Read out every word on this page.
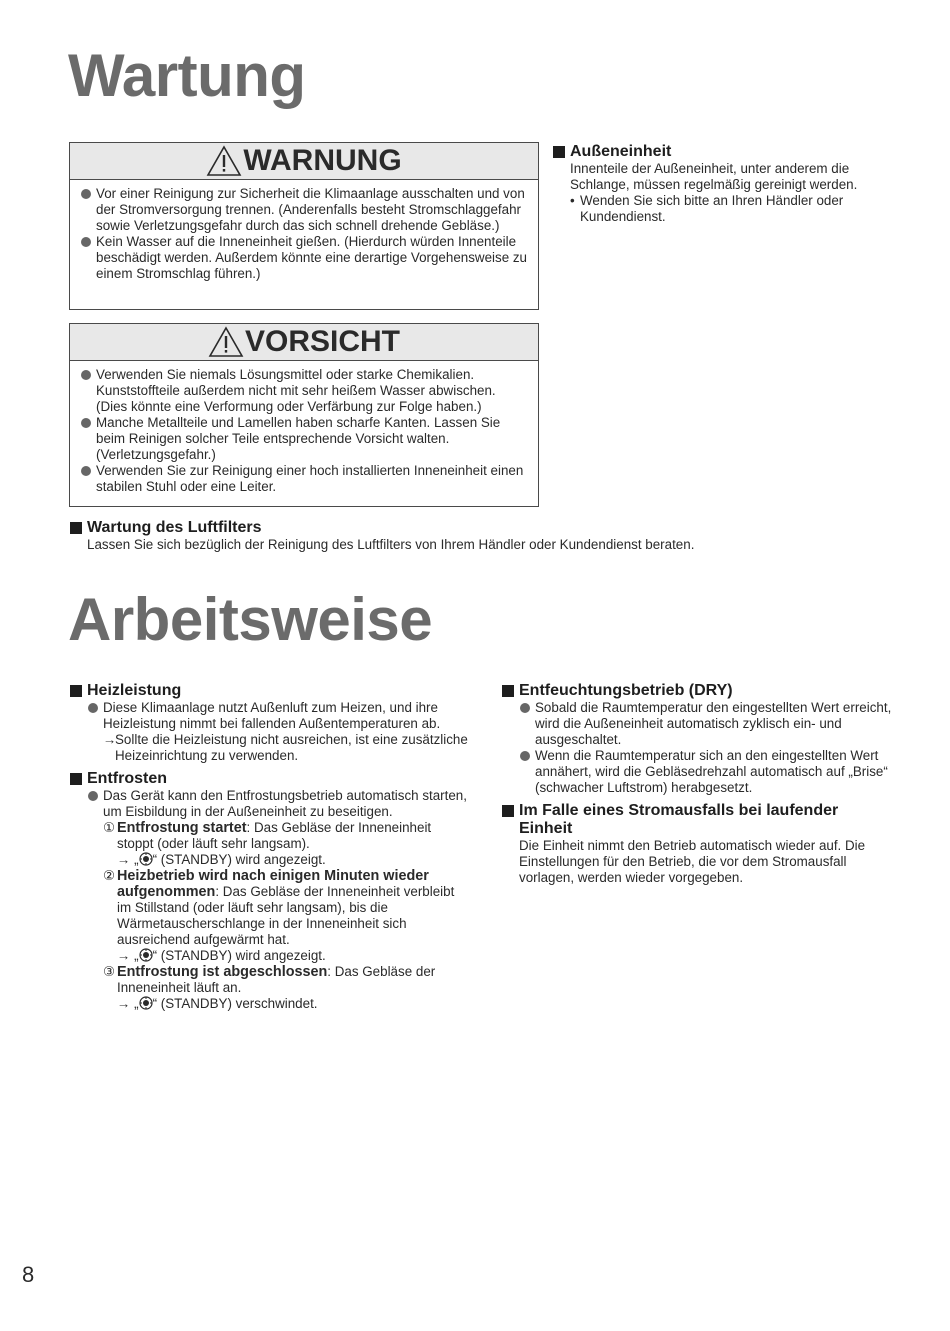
Wartung
WARNUNG
Vor einer Reinigung zur Sicherheit die Klimaanlage ausschalten und von der Stromversorgung trennen. (Anderenfalls besteht Stromschlaggefahr sowie Verletzungsgefahr durch das sich schnell drehende Gebläse.)
Kein Wasser auf die Inneneinheit gießen. (Hierdurch würden Innenteile beschädigt werden. Außerdem könnte eine derartige Vorgehensweise zu einem Stromschlag führen.)
VORSICHT
Verwenden Sie niemals Lösungsmittel oder starke Chemikalien. Kunststoffteile außerdem nicht mit sehr heißem Wasser abwischen. (Dies könnte eine Verformung oder Verfärbung zur Folge haben.)
Manche Metallteile und Lamellen haben scharfe Kanten. Lassen Sie beim Reinigen solcher Teile entsprechende Vorsicht walten. (Verletzungsgefahr.)
Verwenden Sie zur Reinigung einer hoch installierten Inneneinheit einen stabilen Stuhl oder eine Leiter.
Außeneinheit
Innenteile der Außeneinheit, unter anderem die Schlange, müssen regelmäßig gereinigt werden.
• Wenden Sie sich bitte an Ihren Händler oder Kundendienst.
Wartung des Luftfilters
Lassen Sie sich bezüglich der Reinigung des Luftfilters von Ihrem Händler oder Kundendienst beraten.
Arbeitsweise
Heizleistung
Diese Klimaanlage nutzt Außenluft zum Heizen, und ihre Heizleistung nimmt bei fallenden Außentemperaturen ab.
→
Sollte die Heizleistung nicht ausreichen, ist eine zusätzliche Heizeinrichtung zu verwenden.
Entfrosten
Das Gerät kann den Entfrostungsbetrieb automatisch starten, um Eisbildung in der Außeneinheit zu beseitigen.
① Entfrostung startet: Das Gebläse der Inneneinheit stoppt (oder läuft sehr langsam).
→ „ “ (STANDBY) wird angezeigt.
② Heizbetrieb wird nach einigen Minuten wieder aufgenommen: Das Gebläse der Inneneinheit verbleibt im Stillstand (oder läuft sehr langsam), bis die Wärmetauscherschlange in der Inneneinheit sich ausreichend aufgewärmt hat.
→ „ “ (STANDBY) wird angezeigt.
③ Entfrostung ist abgeschlossen: Das Gebläse der Inneneinheit läuft an.
→ „ “ (STANDBY) verschwindet.
Entfeuchtungsbetrieb (DRY)
Sobald die Raumtemperatur den eingestellten Wert erreicht, wird die Außeneinheit automatisch zyklisch ein- und ausgeschaltet.
Wenn die Raumtemperatur sich an den eingestellten Wert annähert, wird die Gebläsedrehzahl automatisch auf „Brise“ (schwacher Luftstrom) herabgesetzt.
Im Falle eines Stromausfalls bei laufender Einheit
Die Einheit nimmt den Betrieb automatisch wieder auf. Die Einstellungen für den Betrieb, die vor dem Stromausfall vorlagen, werden wieder vorgegeben.
8
